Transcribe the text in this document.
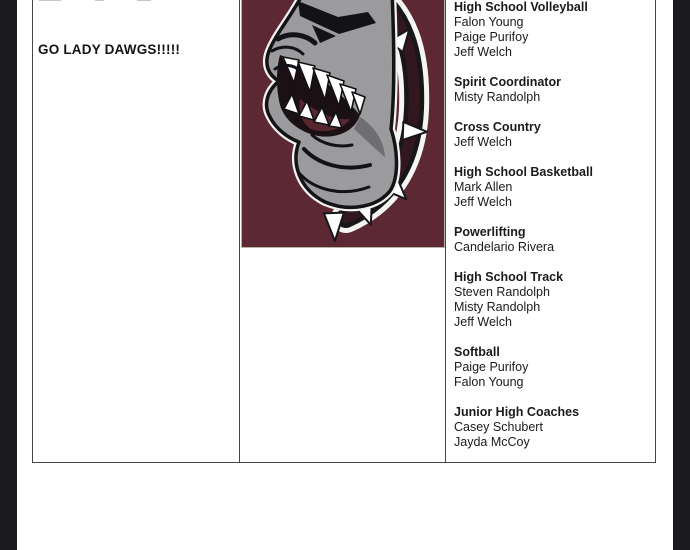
GO LADY DAWGS!!!!!
High School Volleyball
Falon Young
Paige Purifoy
Jeff Welch
Spirit Coordinator
Misty Randolph
Cross Country
Jeff Welch
High School Basketball
Mark Allen
Jeff Welch
Powerlifting
Candelario Rivera
High School Track
Steven Randolph
Misty Randolph
Jeff Welch
Softball
Paige Purifoy
Falon Young
Junior High Coaches
Casey Schubert
Jayda McCoy
